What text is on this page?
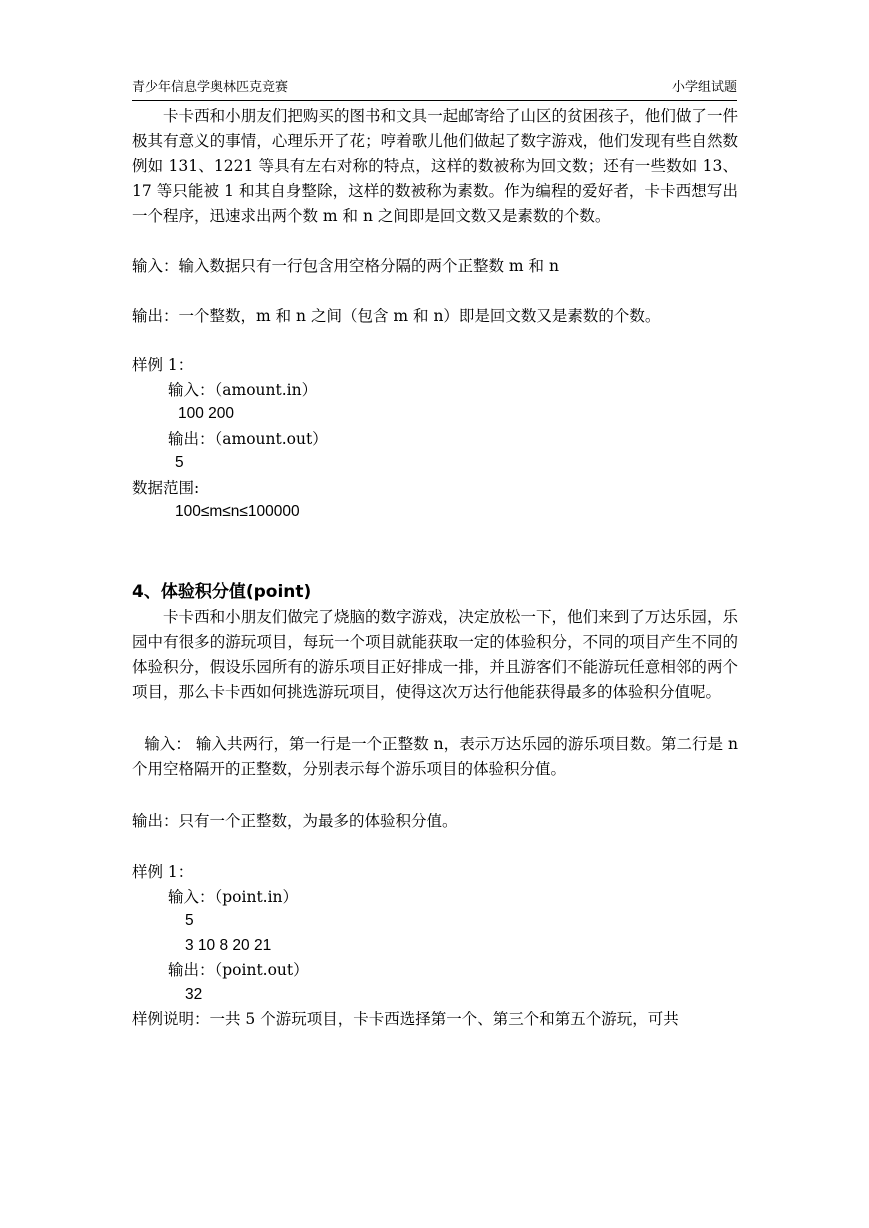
青少年信息学奥林匹克竞赛	小学组试题

卡卡西和小朋友们把购买的图书和文具一起邮寄给了山区的贫困孩子，他们做了一件极其有意义的事情，心理乐开了花；哼着歌儿他们做起了数字游戏，他们发现有些自然数例如 131、1221 等具有左右对称的特点，这样的数被称为回文数；还有一些数如 13、17 等只能被 1 和其自身整除，这样的数被称为素数。作为编程的爱好者，卡卡西想写出一个程序，迅速求出两个数 m 和 n 之间即是回文数又是素数的个数。

输入：输入数据只有一行包含用空格分隔的两个正整数 m 和 n

输出：一个整数，m 和 n 之间（包含 m 和 n）即是回文数又是素数的个数。

样例 1：

输入：（amount.in）

100 200

输出：（amount.out）

5

数据范围:

100≤m≤n≤100000

4、体验积分值(point)

卡卡西和小朋友们做完了烧脑的数字游戏，决定放松一下，他们来到了万达乐园，乐园中有很多的游玩项目，每玩一个项目就能获取一定的体验积分，不同的项目产生不同的体验积分，假设乐园所有的游乐项目正好排成一排，并且游客们不能游玩任意相邻的两个项目，那么卡卡西如何挑选游玩项目，使得这次万达行他能获得最多的体验积分值呢。

输入： 输入共两行，第一行是一个正整数 n，表示万达乐园的游乐项目数。第二行是 n 个用空格隔开的正整数，分别表示每个游乐项目的体验积分值。

输出：只有一个正整数，为最多的体验积分值。

样例 1：

输入：（point.in）

5

3 10 8 20 21

输出：（point.out）

32

样例说明：一共 5 个游玩项目，卡卡西选择第一个、第三个和第五个游玩，可共
